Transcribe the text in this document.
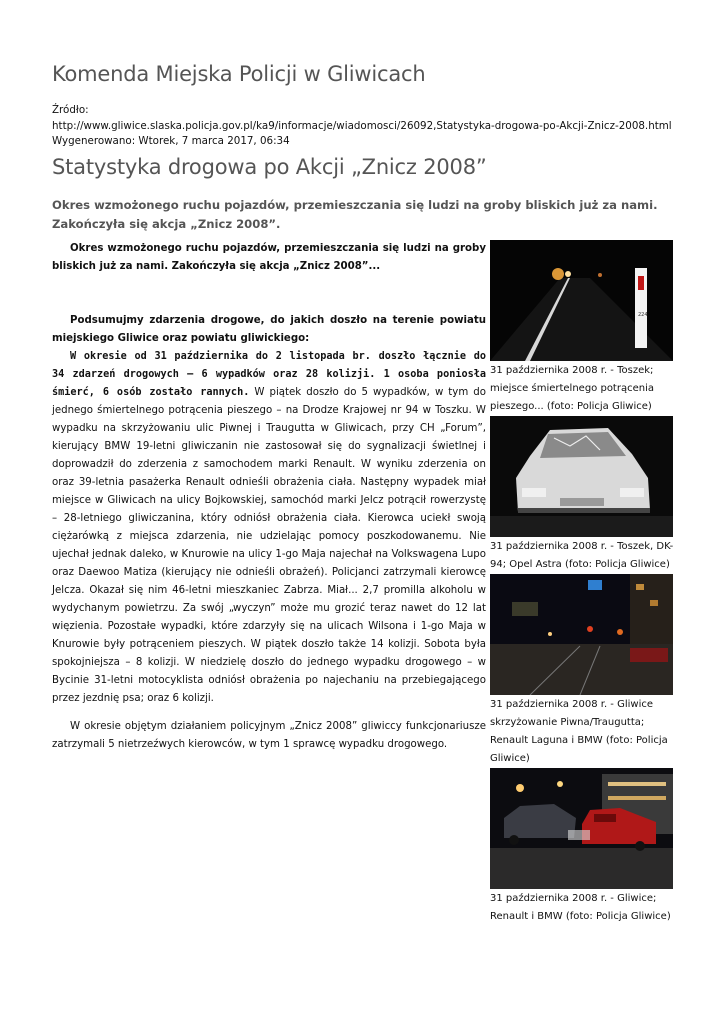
Komenda Miejska Policji w Gliwicach
Źródło:
http://www.gliwice.slaska.policja.gov.pl/ka9/informacje/wiadomosci/26092,Statystyka-drogowa-po-Akcji-Znicz-2008.html
Wygenerowano: Wtorek, 7 marca 2017, 06:34
Statystyka drogowa po Akcji „Znicz 2008”
Okres wzmożonego ruchu pojazdów, przemieszczania się ludzi na groby bliskich już za nami. Zakończyła się akcja „Znicz 2008”.

Okres wzmożonego ruchu pojazdów, przemieszczania się ludzi na groby bliskich już za nami. Zakończyła się akcja „Znicz 2008”...

Podsumujmy zdarzenia drogowe, do jakich doszło na terenie powiatu miejskiego Gliwice oraz powiatu gliwickiego:

W okresie od 31 października do 2 listopada br. doszło łącznie do 34 zdarzeń drogowych – 6 wypadków oraz 28 kolizji. 1 osoba poniosła śmierć, 6 osób zostało rannych. W piątek doszło do 5 wypadków, w tym do jednego śmiertelnego potrącenia pieszego – na Drodze Krajowej nr 94 w Toszku. W wypadku na skrzyżowaniu ulic Piwnej i Traugutta w Gliwicach, przy CH „Forum”, kierujący BMW 19-letni gliwiczanin nie zastosował się do sygnalizacji świetlnej i doprowadził do zderzenia z samochodem marki Renault. W wyniku zderzenia on oraz 39-letnia pasażerka Renault odnieśli obrażenia ciała. Następny wypadek miał miejsce w Gliwicach na ulicy Bojkowskiej, samochód marki Jelcz potrącił rowerzystę – 28-letniego gliwiczanina, który odniósł obrażenia ciała. Kierowca uciekł swoją ciężarówką z miejsca zdarzenia, nie udzielając pomocy poszkodowanemu. Nie ujechał jednak daleko, w Knurowie na ulicy 1-go Maja najechał na Volkswagena Lupo oraz Daewoo Matiza (kierujący nie odnieśli obrażeń). Policjanci zatrzymali kierowcę Jelcza. Okazał się nim 46-letni mieszkaniec Zabrza. Miał... 2,7 promilla alkoholu w wydychanym powietrzu. Za swój „wyczyn” może mu grozić teraz nawet do 12 lat więzienia. Pozostałe wypadki, które zdarzyły się na ulicach Wilsona i 1-go Maja w Knurowie były potrąceniem pieszych. W piątek doszło także 14 kolizji. Sobota była spokojniejsza – 8 kolizji. W niedzielę doszło do jednego wypadku drogowego – w Bycinie 31-letni motocyklista odniósł obrażenia po najechaniu na przebiegającego przez jezdnię psa; oraz 6 kolizji.

W okresie objętym działaniem policyjnym „Znicz 2008” gliwiccy funkcjonariusze zatrzymali 5 nietrzeźwych kierowców, w tym 1 sprawcę wypadku drogowego.

224
31 października 2008 r. - Toszek; miejsce śmiertelnego potrącenia pieszego... (foto: Policja Gliwice)
31 października 2008 r. - Toszek, DK-94; Opel Astra (foto: Policja Gliwice)
31 października 2008 r. - Gliwice skrzyżowanie Piwna/Traugutta; Renault Laguna i BMW (foto: Policja Gliwice)
31 października 2008 r. - Gliwice; Renault i BMW (foto: Policja Gliwice)
